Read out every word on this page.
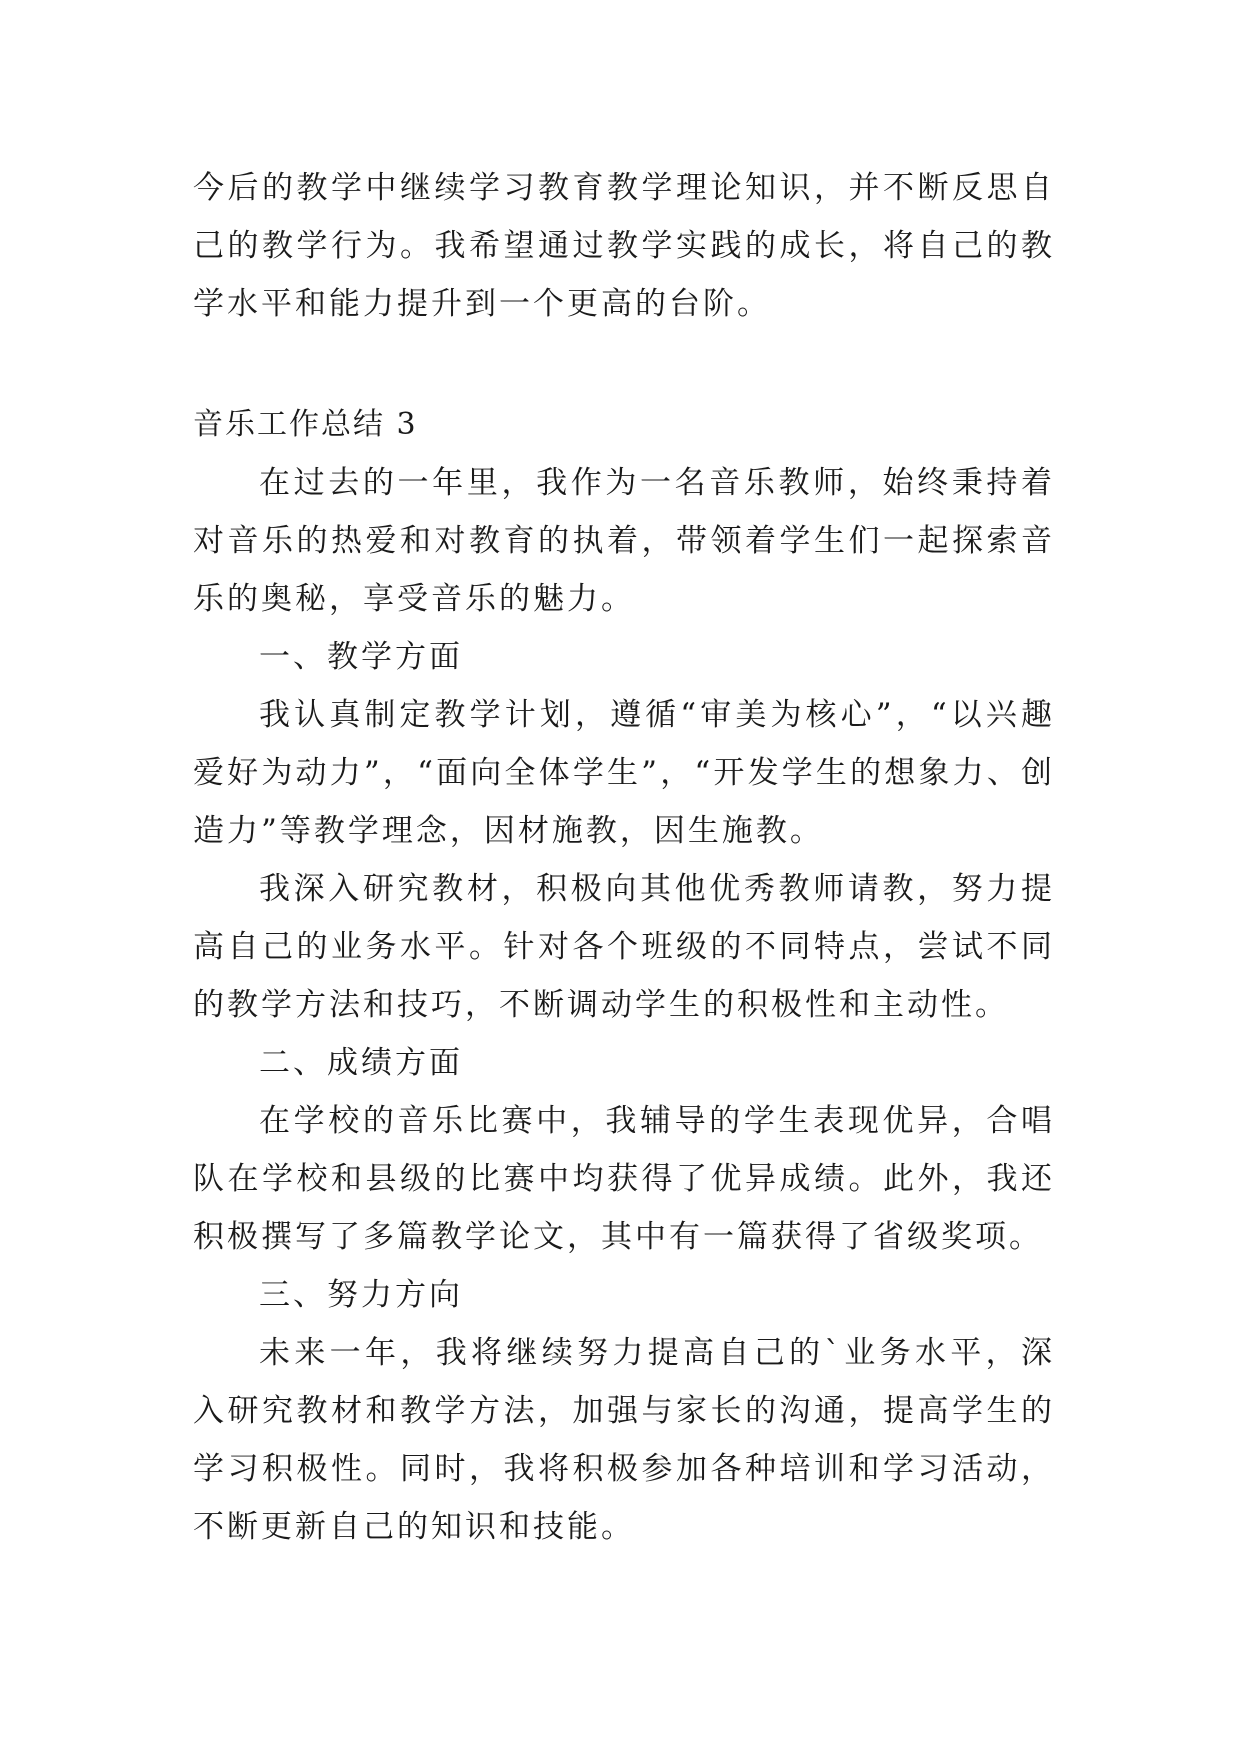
今后的教学中继续学习教育教学理论知识，并不断反思自己的教学行为。我希望通过教学实践的成长，将自己的教学水平和能力提升到一个更高的台阶。

音乐工作总结 3

在过去的一年里，我作为一名音乐教师，始终秉持着对音乐的热爱和对教育的执着，带领着学生们一起探索音乐的奥秘，享受音乐的魅力。

一、教学方面

我认真制定教学计划，遵循“审美为核心”，“以兴趣爱好为动力”，“面向全体学生”，“开发学生的想象力、创造力”等教学理念，因材施教，因生施教。

我深入研究教材，积极向其他优秀教师请教，努力提高自己的业务水平。针对各个班级的不同特点，尝试不同的教学方法和技巧，不断调动学生的积极性和主动性。

二、成绩方面

在学校的音乐比赛中，我辅导的学生表现优异，合唱队在学校和县级的比赛中均获得了优异成绩。此外，我还积极撰写了多篇教学论文，其中有一篇获得了省级奖项。

三、努力方向

未来一年，我将继续努力提高自己的`业务水平，深入研究教材和教学方法，加强与家长的沟通，提高学生的学习积极性。同时，我将积极参加各种培训和学习活动，不断更新自己的知识和技能。
